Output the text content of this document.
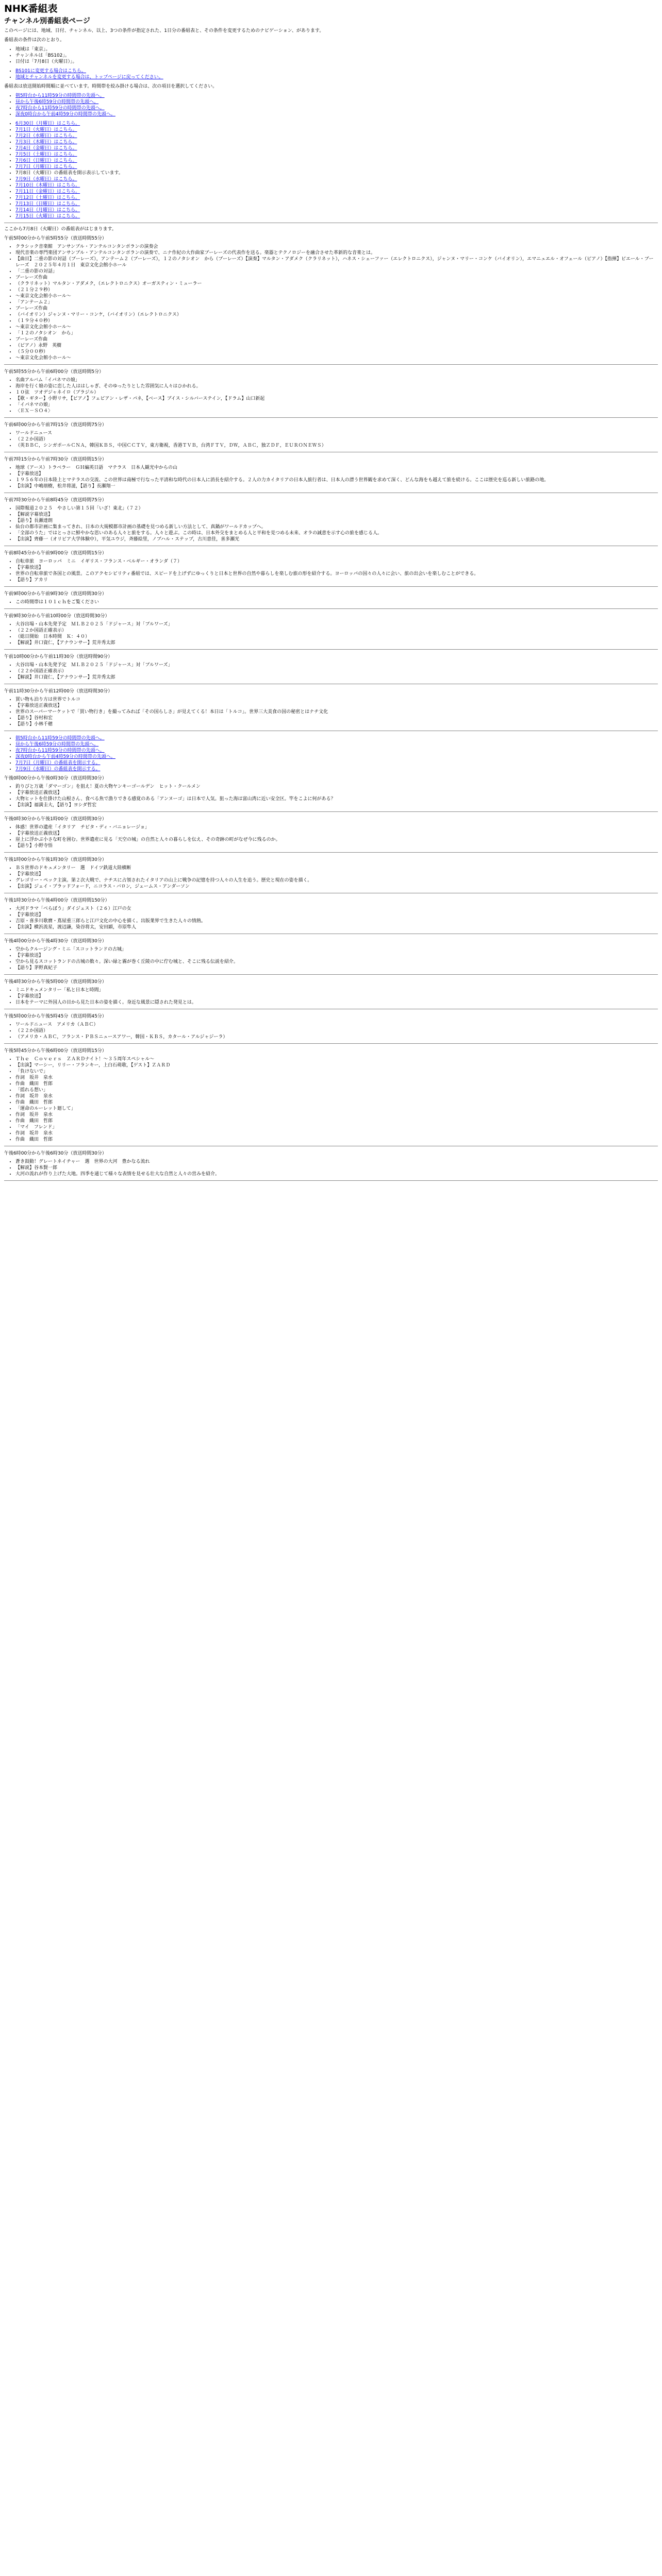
NHK番組表
チャンネル別番組表ページ

このページには、地域、日付、チャンネル、以上、3つの条件が指定された、1日分の番組表と、その条件を変更するためのナビゲーション、があります。

番組表の条件は次のとおり。

• 地域は「東京」。
• チャンネルは「BS102」。
• 日付は「7月8日（火曜日）」。
• BS101に変更する場合はこちら。
• 地域とチャンネルを変更する場合は、トップページに戻ってください。

番組表は放送開始時間順に並べています。時間帯を絞み掛ける場合は、次の項目を選択してください。

• 朝5時台から11時59分の時間帯の先頭へ。
• 昼から午後6時59分の時間帯の先頭へ。
• 夜7時台から11時59分の時間帯の先頭へ。
• 深夜0時台から午前4時59分の時間帯の先頭へ。
• 6月30日（月曜日）はこちら。
• 7月1日（火曜日）はこちら。
• 7月2日（水曜日）はこちら。
• 7月3日（木曜日）はこちら。
• 7月4日（金曜日）はこちら。
• 7月5日（土曜日）はこちら。
• 7月6日（日曜日）はこちら。
• 7月7日（月曜日）はこちら。
• 7月8日（火曜日）の番組表を開示表示しています。
• 7月9日（水曜日）はこちら。
• 7月10日（木曜日）はこちら。
• 7月11日（金曜日）はこちら。
• 7月12日（土曜日）はこちら。
• 7月13日（日曜日）はこちら。
• 7月14日（月曜日）はこちら。
• 7月15日（火曜日）はこちら。

ここから7月8日（火曜日）の番組表がはじまります。

午前5時00分から午前5時55分（放送時間55分）

• クラシック音楽館　アンサンブル・アンテルコンタンポランの演奏会
• 現代音楽の専門楽団アンサンブル・アンテルコンタンポランの演奏で、ニナ作紀の大作曲家ブーレーズの代表作を送る。楽器とテクノロジーを融合させた革新的な音楽とは。
• 【曲目】二重の影の対話（ブーレーズ），アンテーム２（ブーレーズ），１２のノタシオン　から（ブーレーズ）【演奏】マルタン・アダメク（クラリネット），ハネス・シェーファー（エレクトロニクス），ジャンヌ・マリー・コンケ（バイオリン），エマニュエル・オフェール（ピアノ）【指揮】ピエール・ブーレーズ　２０２５年４月１日　東京文化会館小ホール
• 「二重の影の対話」
• ブーレーズ作曲
• （クラリネット）マルタン・アダメク，（エレクトロニクス）オーガスティン・ミューラー
• （２１分２９秒）
• ～東京文化会館小ホール～
• 「アンテーム２」
• ブーレーズ作曲
• （バイオリン）ジャンヌ・マリー・コンケ，（バイオリン）（エレクトロニクス）
• （１９分４０秒）
• ～東京文化会館小ホール～
• 「１２のノタシオン　から」
• ブーレーズ作曲
• （ピアノ）永野　英樹
• （５分００秒）
• ～東京文化会館小ホール～

午前5時55分から午前6時00分（放送時間5分）

• 名曲アルバム「イパネマの娘」
• 海岸を行く娘の姿に恋した人ははしゃぎ、そのゆったりとした雰囲気に人々はひかれる。
• １０弦　ツオデジャネイロ（ブラジル）
• 【歌・ギター】小野リサ，【ピアノ】フェビアン・レザ・パネ，【ベース】ブイス・シルバーステイン，【ドラム】山口新起
• 「イパネマの娘」
• 〈ＥＸ－ＳＯ４〉

午前6時00分から午前7時15分（放送時間75分）

• ワールドニュース
• （２２か国語）
• （英ＢＢＣ，シンガポールＣＮＡ，韓国ＫＢＳ，中国ＣＣＴＶ，東方衛視，香港ＴＶＢ，台湾ＦＴＶ，ＤＷ，ＡＢＣ，独ＺＤＦ，ＥＵＲＯＮＥＷＳ）

午前7時15分から午前7時30分（放送時間15分）

• 地球（アース）トラベラー　ＧＨ編英日語　マテラス　日本人観光中からの山
• 【字幕放送】
• １９５６年の日本陸上とマテラスの交流、この世界は南極で行なった平清和な時代の日本人に消長を紹介する。２人の力カイタリアの日本人旅行者は、日本人の漂う世界観を求めて深く、どんな海をも越えて旅を続ける。ここは歴史を巡る新しい旅路の地。
• 【出演】中嶋朋樹，松井将滋，【語り】長瀬翔一

午前7時30分から午前8時45分（放送時間75分）

• 国際報道２０２５　やさしい第１５回「いざ！東北」（７２）
• 【解説字幕放送】
• 【語り】長瀬達朗
• 仙台の都市計画に集まってきれ、日本の大規模都市計画の基礎を見つめる新しい方法として、真鍋がワールドカップへ。
• 「全部のうた」ではとっさに鮮やかな思いのある人々と旅をする。人々と遊ぶ。この時は、日本外交をまとめる人と平和を見つめる未来、オラの誠意を示す心の旅を感じる人。
• 【出演】齊藤一（オリビア大学体験中），平気ユウジ，斉藤絵里，ノブハル・ステップ，古川恵佳，喜多瀬光

午前8時45分から午前9時00分（放送時間15分）

• 自転車旅　ヨーロッパ　ミニ　イギリス・フランス・ベルギー・オランダ（７）
• 【字幕放送】
• 世界の自転車旅で各国との風景。このアクセシビリティ番組では、スピードを上げずにゆっくりと日本と世界の自然や暮らしを楽しむ旅の形を紹介する。ヨーロッパの国々の人々に会い、旅の出会いを楽しむことができる。
• 【語り】アカリ

午前9時00分から午前9時30分（放送時間30分）

• この時間帯は１０１ｃｈをご覧ください

午前9時30分から午前10時00分（放送時間30分）

• 大谷出場・山本先発予定　ＭＬＢ２０２５「ドジャース」対「ブルワーズ」
• （２２か国語正確表示）
• （総日開始　日本時間　Ｋ：４０）
• 【解説】井口資仁，【アナウンサー】荒井秀太郎

午前10時00分から午前11時30分（放送時間90分）

• 大谷出場・山本先発予定　ＭＬＢ２０２５「ドジャース」対「ブルワーズ」
• （２２か国語正確表示）
• 【解説】井口資仁，【アナウンサー】荒井秀太郎

午前11時30分から午前12時00分（放送時間30分）

• 買い物も泊り方は世界でトルコ
• 【字幕放送正義放送】
• 世界のスーパーマーケットで「買い物行き」を撮ってみれば「その国らしさ」が見えてくる！本日は「トルコ」。世界三大美食の国の秘密とはナチ文化
• 【語り】谷村和宏
• 【語り】小林千穂
• 朝5時台から11時59分の時間帯の先頭へ。
• 昼から午後6時59分の時間帯の先頭へ。
• 夜7時台から11時59分の時間帯の先頭へ。
• 深夜0時台から午前4時59分の時間帯の先頭へ。
• 7月7日（月曜日）の番組表を開示する。
• 7月9日（水曜日）の番組表を開示する。

午後0時00分から午後0時30分（放送時間30分）

• 釣りびと万歳「ダマーゴン」を狙え！夏の大物ヤンキーゴールデン　ヒット・クールメン
• 【字幕放送正義放送】
• 大物ヒットを仕掛けた山根さん、食べる魚で漁りできる感覚のある「アンヌーゴ」は日本で人気。狙った海は富山湾に近い安全区。竿をこよに何がある？
• 【出演】福満圭大，【語り】ヨシダ哲宏

午後0時30分から午後1時00分（放送時間30分）

• 体感！世界の遺産「イタリア　チビタ・ディ・バニョレージョ」
• 【字幕放送正義放送】
• 崖上に浮かぶ小さな町を囲む。世界遺産に見る「天空の城」の自然と人々の暮らしを伝え、その奇跡の町がなぜ今に残るのか。
• 【語り】小野寺悟

午後1時00分から午後1時30分（放送時間30分）

• ＢＳ世界のドキュメンタリー　選　ドイツ鉄道大陸横断
• 【字幕放送】
• グレゴリー・ペック主演。第２次大戦で、ナチスに占領されたイタリアの山上に戦争の記憶を持つ人々の人生を追う。歴史と現在の姿を描く。
• 【出演】ジェイ・ブラッドフォード，ニコラス・バロン，ジェームス・アンダーソン

午後1時30分から午後4時00分（放送時間150分）

• 大河ドラマ「べらぼう」ダイジェスト（２６）江戸の女
• 【字幕放送】
• 吉原・喜多川歌麿・蔦屋重三郎らと江戸文化の中心を描く。出版業界で生きた人々の情熱。
• 【出演】横浜流星，渡辺謙，染谷将太，安田顕，市原隼人

午後4時00分から午後4時30分（放送時間30分）

• 空からクルージング・ミニ「スコットランドの古城」
• 【字幕放送】
• 空から見るスコットランドの古城の数々。深い緑と霧が巻く丘陵の中に佇む城と、そこに残る伝説を紹介。
• 【語り】茅野真紀子

午後4時30分から午後5時00分（放送時間30分）

• ミニドキュメンタリー「私と日本と時間」
• 【字幕放送】
• 日本をテーマに外国人の目から見た日本の姿を描く。身近な風景に隠された発見とは。

午後5時00分から午後5時45分（放送時間45分）

• ワールドニュース　アメリカ（ＡＢＣ）
• （２２か国語）
• （アメリカ・ＡＢＣ，フランス・ＰＢＳニュースアワー，韓国・ＫＢＳ，カタール・アルジャジーラ）

午後5時45分から午後6時00分（放送時間15分）

• Ｔｈｅ　Ｃｏｖｅｒｓ　ＺＡＲＤナイト！～３５周年スペシャル～
• 【出演】マーシー，リリー・フランキー，上白石萌歌，【ゲスト】ＺＡＲＤ
• 「負けないで」
• 作詞　坂井　泉水
• 作曲　織田　哲郎
• 「揺れる想い」
• 作詞　坂井　泉水
• 作曲　織田　哲郎
• 「運命のルーレット廻して」
• 作詞　坂井　泉水
• 作曲　織田　哲郎
• 「マイ　フレンド」
• 作詞　坂井　泉水
• 作曲　織田　哲郎

午後6時00分から午後6時30分（放送時間30分）

• 蒼き鼓動！グレートネイチャー　選　世界の大河　豊かなる流れ
• 【解説】谷本賢一郎
• 大河の流れが作り上げた大地。四季を通じて様々な表情を見せる壮大な自然と人々の営みを紹介。
